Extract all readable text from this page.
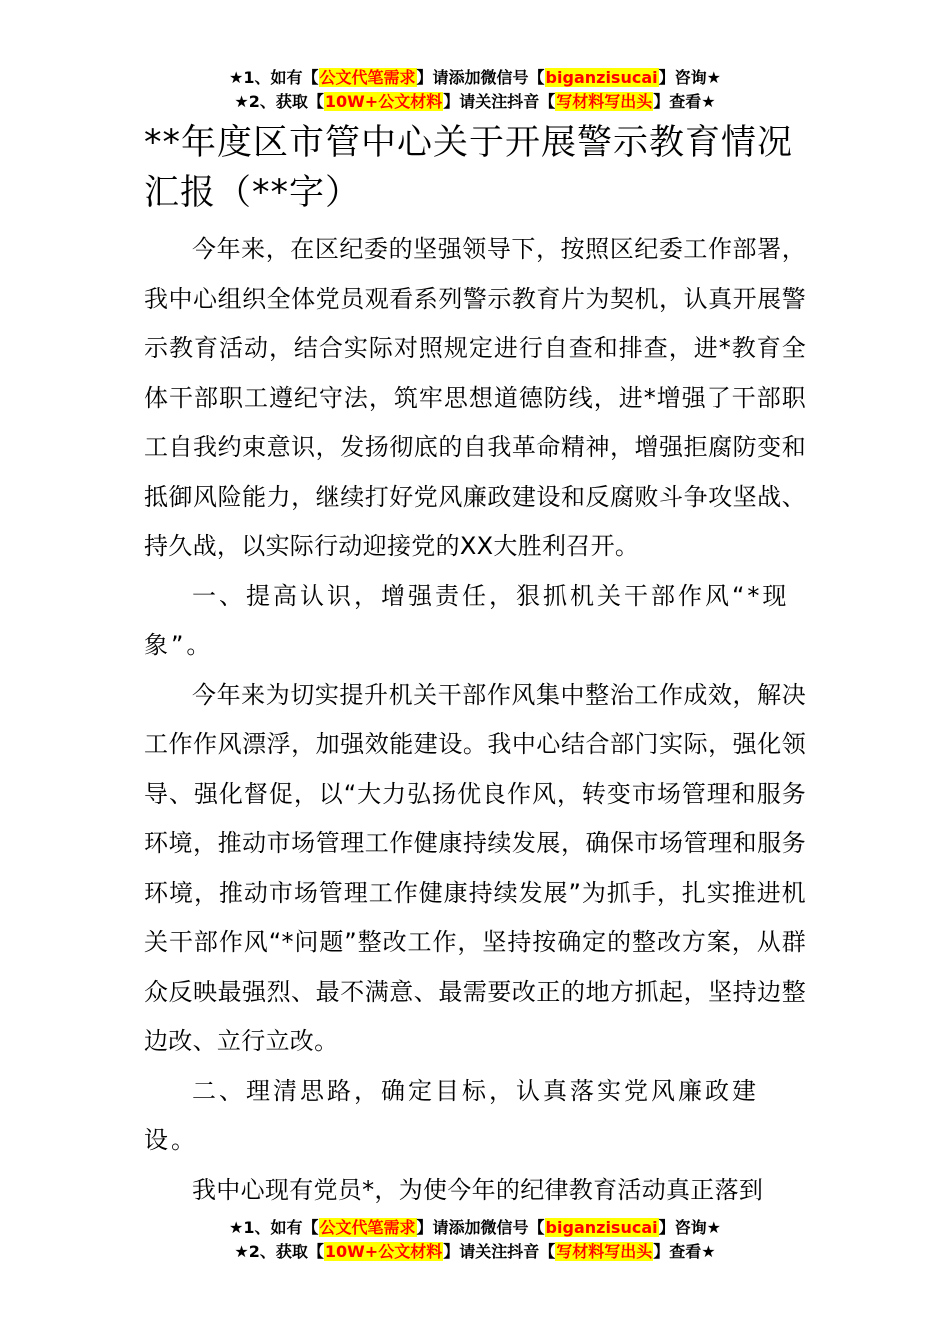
★1、如有【公文代笔需求】请添加微信号【biganzisucai】咨询★
★2、获取【10W+公文材料】请关注抖音【写材料写出头】查看★
**年度区市管中心关于开展警示教育情况汇报（**字）

今年来，在区纪委的坚强领导下，按照区纪委工作部署，我中心组织全体党员观看系列警示教育片为契机，认真开展警示教育活动，结合实际对照规定进行自查和排查，进*教育全体干部职工遵纪守法，筑牢思想道德防线，进*增强了干部职工自我约束意识，发扬彻底的自我革命精神，增强拒腐防变和抵御风险能力，继续打好党风廉政建设和反腐败斗争攻坚战、持久战，以实际行动迎接党的XX大胜利召开。

一、提高认识，增强责任，狠抓机关干部作风“*现象”。

今年来为切实提升机关干部作风集中整治工作成效，解决工作作风漂浮，加强效能建设。我中心结合部门实际，强化领导、强化督促，以“大力弘扬优良作风，转变市场管理和服务环境，推动市场管理工作健康持续发展，确保市场管理和服务环境，推动市场管理工作健康持续发展”为抓手，扎实推进机关干部作风“*问题”整改工作，坚持按确定的整改方案，从群众反映最强烈、最不满意、最需要改正的地方抓起，坚持边整边改、立行立改。

二、理清思路，确定目标，认真落实党风廉政建设。

我中心现有党员*，为使今年的纪律教育活动真正落到

★1、如有【公文代笔需求】请添加微信号【biganzisucai】咨询★
★2、获取【10W+公文材料】请关注抖音【写材料写出头】查看★
